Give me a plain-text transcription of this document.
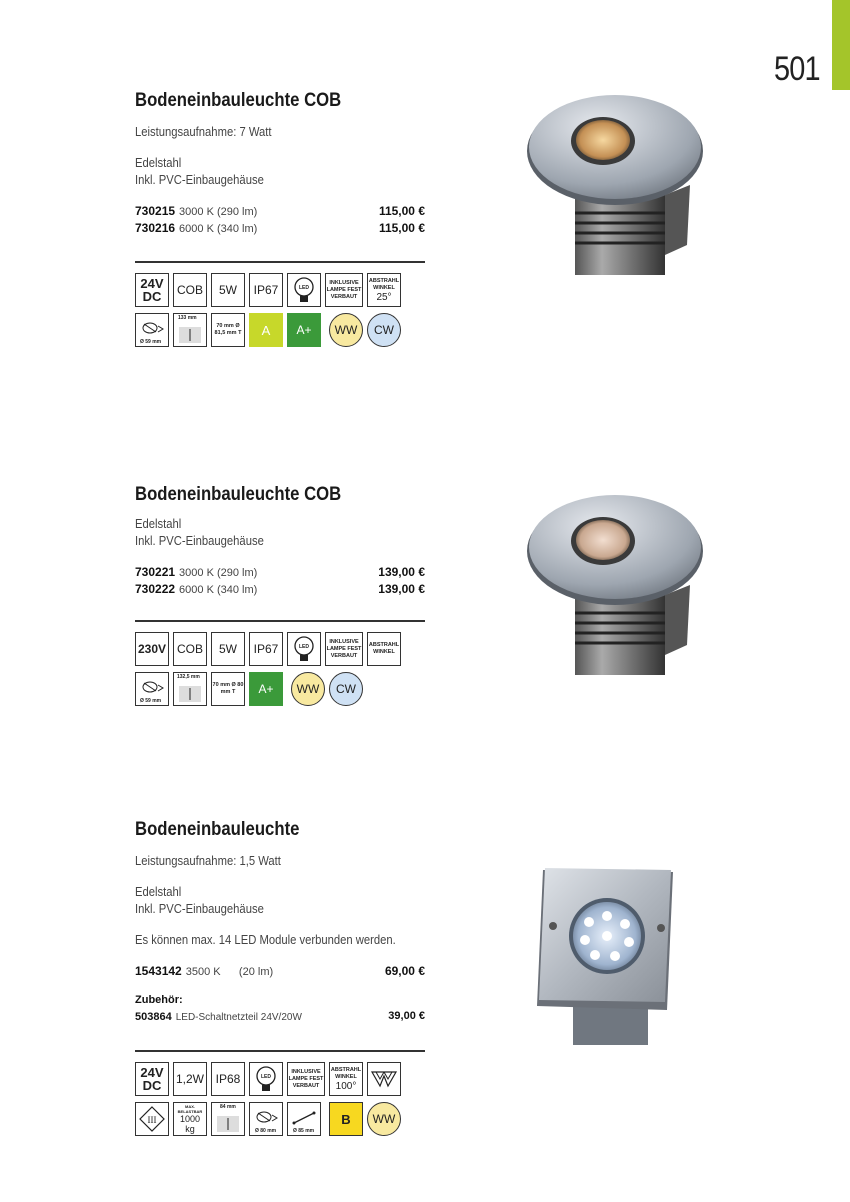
501
Bodeneinbauleuchte COB
Leistungsaufnahme: 7 Watt
Edelstahl
Inkl. PVC-Einbaugehäuse
730215 3000 K (290 lm)	115,00 €
730216 6000 K (340 lm)	115,00 €
24V DC	COB	5W	IP67	LED
INKLUSIVE LAMPE FEST VERBAUT
ABSTRAHL WINKEL
25°
Ø 59 mm
133 mm
70 mm Ø 81,5 mm T	A	A+	WW	CW
Bodeneinbauleuchte COB
Edelstahl
Inkl. PVC-Einbaugehäuse
730221 3000 K (290 lm)	139,00 €
730222 6000 K (340 lm)	139,00 €
230V COB	5W	IP67	LED
INKLUSIVE LAMPE FEST VERBAUT
ABSTRAHL WINKEL
Ø 59 mm
132,5 mm
70 mm Ø 80 mm T	A+	WW	CW
Bodeneinbauleuchte
Leistungsaufnahme: 1,5 Watt
Edelstahl
Inkl. PVC-Einbaugehäuse
Es können max. 14 LED Module verbunden werden.
1543142 3500 K      (20 lm)	69,00 €
Zubehör:
503864 LED-Schaltnetzteil 24V/20W	39,00 €
24V DC	1,2W IP68	LED
INKLUSIVE LAMPE FEST VERBAUT
ABSTRAHL WINKEL
100°
III
MAX. BELASTBAR
1000 kg
84 mm
Ø 80 mm	Ø 85 mm
B	WW
